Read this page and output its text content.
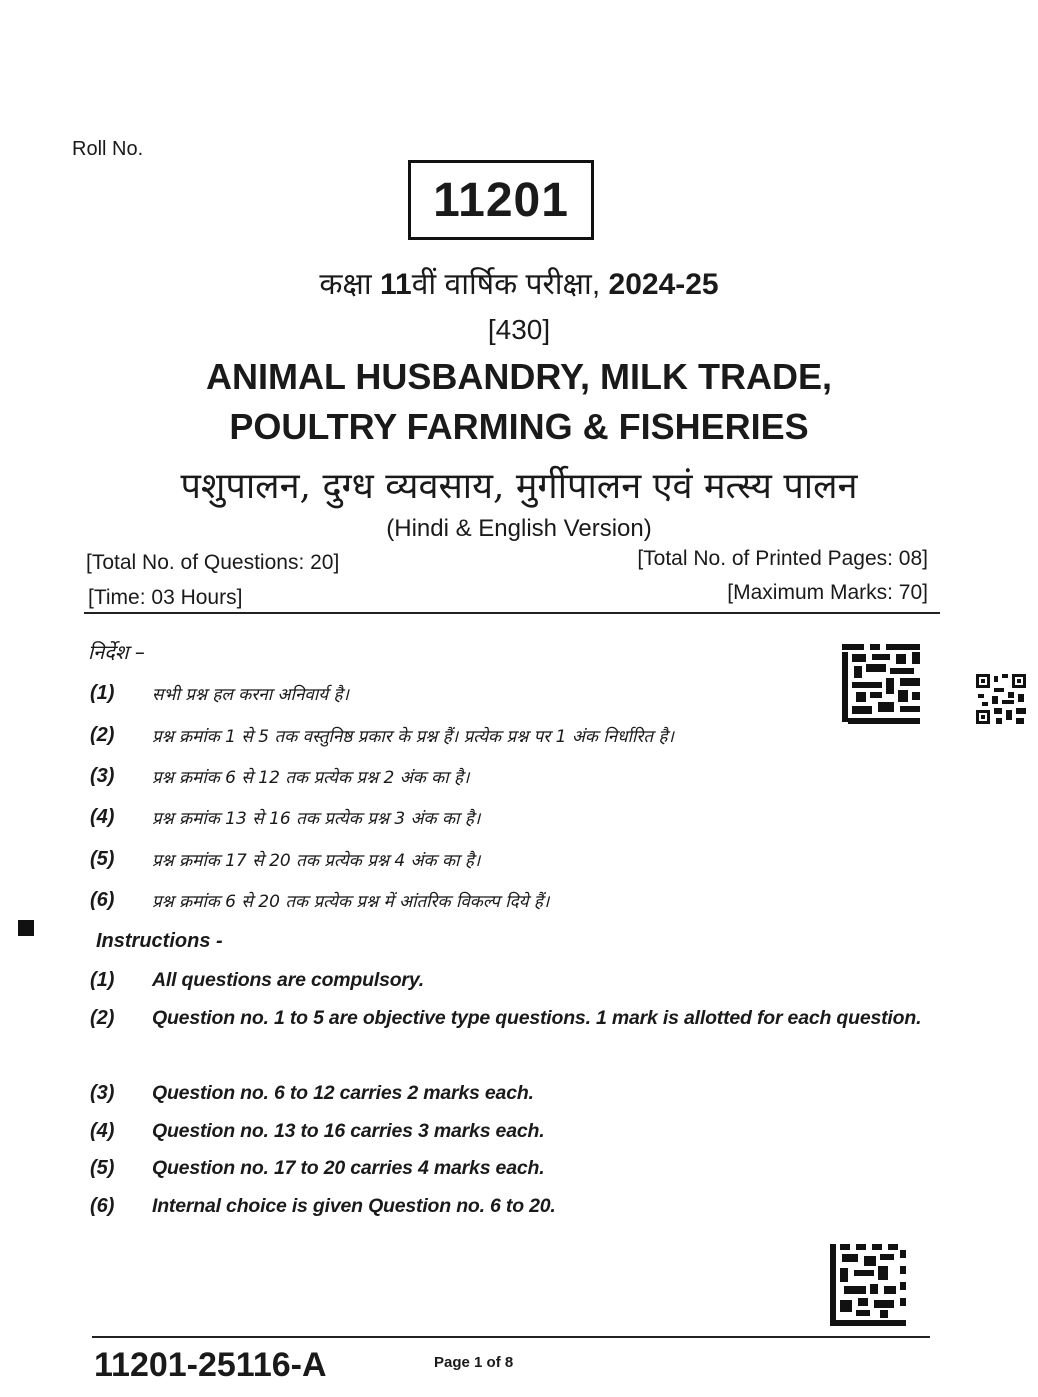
Roll No.
11201
कक्षा 11वीं वार्षिक परीक्षा, 2024-25
[430]
ANIMAL HUSBANDRY, MILK TRADE,
POULTRY FARMING & FISHERIES
पशुपालन, दुग्ध व्यवसाय, मुर्गीपालन एवं मत्स्य पालन
(Hindi & English Version)
[Total No. of Questions: 20]	[Total No. of Printed Pages: 08]
[Time: 03 Hours]	[Maximum Marks: 70]
निर्देश –
(1)	सभी प्रश्न हल करना अनिवार्य है।
(2)	प्रश्न क्रमांक 1 से 5 तक वस्तुनिष्ठ प्रकार के प्रश्न हैं। प्रत्येक प्रश्न पर 1 अंक निर्धारित है।
(3)	प्रश्न क्रमांक 6 से 12 तक प्रत्येक प्रश्न 2 अंक का है।
(4)	प्रश्न क्रमांक 13 से 16 तक प्रत्येक प्रश्न 3 अंक का है।
(5)	प्रश्न क्रमांक 17 से 20 तक प्रत्येक प्रश्न 4 अंक का है।
(6)	प्रश्न क्रमांक 6 से 20 तक प्रत्येक प्रश्न में आंतरिक विकल्प दिये हैं।
Instructions -
(1)	All questions are compulsory.
(2)	Question no. 1 to 5 are objective type questions. 1 mark is allotted for each question.
(3)	Question no. 6 to 12 carries 2 marks each.
(4)	Question no. 13 to 16 carries 3 marks each.
(5)	Question no. 17 to 20 carries 4 marks each.
(6)	Internal choice is given Question no. 6 to 20.
11201-25116-A	Page 1 of 8
